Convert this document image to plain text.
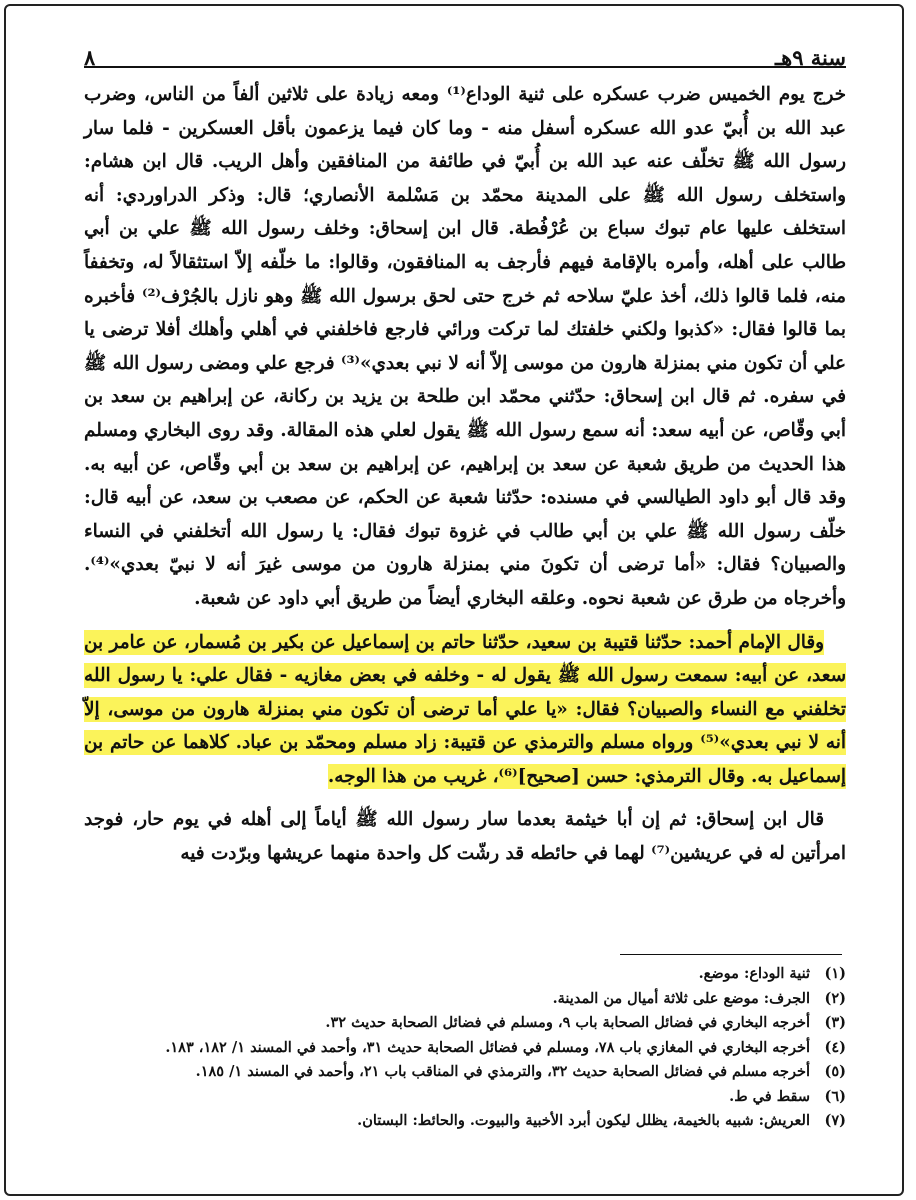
سنة ٩هـ
٨

خرج يوم الخميس ضرب عسكره على ثنية الوداع⁽¹⁾ ومعه زيادة على ثلاثين ألفاً من الناس، وضرب عبد الله بن أُبيّ عدو الله عسكره أسفل منه - وما كان فيما يزعمون بأقل العسكرين - فلما سار رسول الله ﷺ تخلّف عنه عبد الله بن أُبيّ في طائفة من المنافقين وأهل الريب. قال ابن هشام: واستخلف رسول الله ﷺ على المدينة محمّد بن مَسْلمة الأنصاري؛ قال: وذكر الدراوردي: أنه استخلف عليها عام تبوك سباع بن عُرْفُطة. قال ابن إسحاق: وخلف رسول الله ﷺ علي بن أبي طالب على أهله، وأمره بالإقامة فيهم فأرجف به المنافقون، وقالوا: ما خلّفه إلاّ استثقالاً له، وتخففاً منه، فلما قالوا ذلك، أخذ عليّ سلاحه ثم خرج حتى لحق برسول الله ﷺ وهو نازل بالجُرْف⁽²⁾ فأخبره بما قالوا فقال: «كذبوا ولكني خلفتك لما تركت ورائي فارجع فاخلفني في أهلي وأهلك أفلا ترضى يا علي أن تكون مني بمنزلة هارون من موسى إلاّ أنه لا نبي بعدي»⁽³⁾ فرجع علي ومضى رسول الله ﷺ في سفره. ثم قال ابن إسحاق: حدّثني محمّد ابن طلحة بن يزيد بن ركانة، عن إبراهيم بن سعد بن أبي وقّاص، عن أبيه سعد: أنه سمع رسول الله ﷺ يقول لعلي هذه المقالة. وقد روى البخاري ومسلم هذا الحديث من طريق شعبة عن سعد بن إبراهيم، عن إبراهيم بن سعد بن أبي وقّاص، عن أبيه به. وقد قال أبو داود الطيالسي في مسنده: حدّثنا شعبة عن الحكم، عن مصعب بن سعد، عن أبيه قال: خلّف رسول الله ﷺ علي بن أبي طالب في غزوة تبوك فقال: يا رسول الله أتخلفني في النساء والصبيان؟ فقال: «أما ترضى أن تكونَ مني بمنزلة هارون من موسى غيرَ أنه لا نبيّ بعدي»⁽⁴⁾. وأخرجاه من طرق عن شعبة نحوه. وعلقه البخاري أيضاً من طريق أبي داود عن شعبة.

وقال الإمام أحمد: حدّثنا قتيبة بن سعيد، حدّثنا حاتم بن إسماعيل عن بكير بن مُسمار، عن عامر بن سعد، عن أبيه: سمعت رسول الله ﷺ يقول له - وخلفه في بعض مغازيه - فقال علي: يا رسول الله تخلفني مع النساء والصبيان؟ فقال: «يا علي أما ترضى أن تكون مني بمنزلة هارون من موسى، إلاّ أنه لا نبي بعدي»⁽⁵⁾ ورواه مسلم والترمذي عن قتيبة: زاد مسلم ومحمّد بن عباد. كلاهما عن حاتم بن إسماعيل به. وقال الترمذي: حسن [صحيح]⁽⁶⁾، غريب من هذا الوجه.

قال ابن إسحاق: ثم إن أبا خيثمة بعدما سار رسول الله ﷺ أياماً إلى أهله في يوم حار، فوجد امرأتين له في عريشين⁽⁷⁾ لهما في حائطه قد رشّت كل واحدة منهما عريشها وبرّدت فيه

(١)
ثنية الوداع: موضع.
(٢)
الجرف: موضع على ثلاثة أميال من المدينة.
(٣)
أخرجه البخاري في فضائل الصحابة باب ٩، ومسلم في فضائل الصحابة حديث ٣٢.
(٤)
أخرجه البخاري في المغازي باب ٧٨، ومسلم في فضائل الصحابة حديث ٣١، وأحمد في المسند ١/ ١٨٢، ١٨٣.
(٥)
أخرجه مسلم في فضائل الصحابة حديث ٣٢، والترمذي في المناقب باب ٢١، وأحمد في المسند ١/ ١٨٥.
(٦)
سقط في ط.
(٧)
العريش: شبيه بالخيمة، يظلل ليكون أبرد الأخبية والبيوت. والحائط: البستان.
